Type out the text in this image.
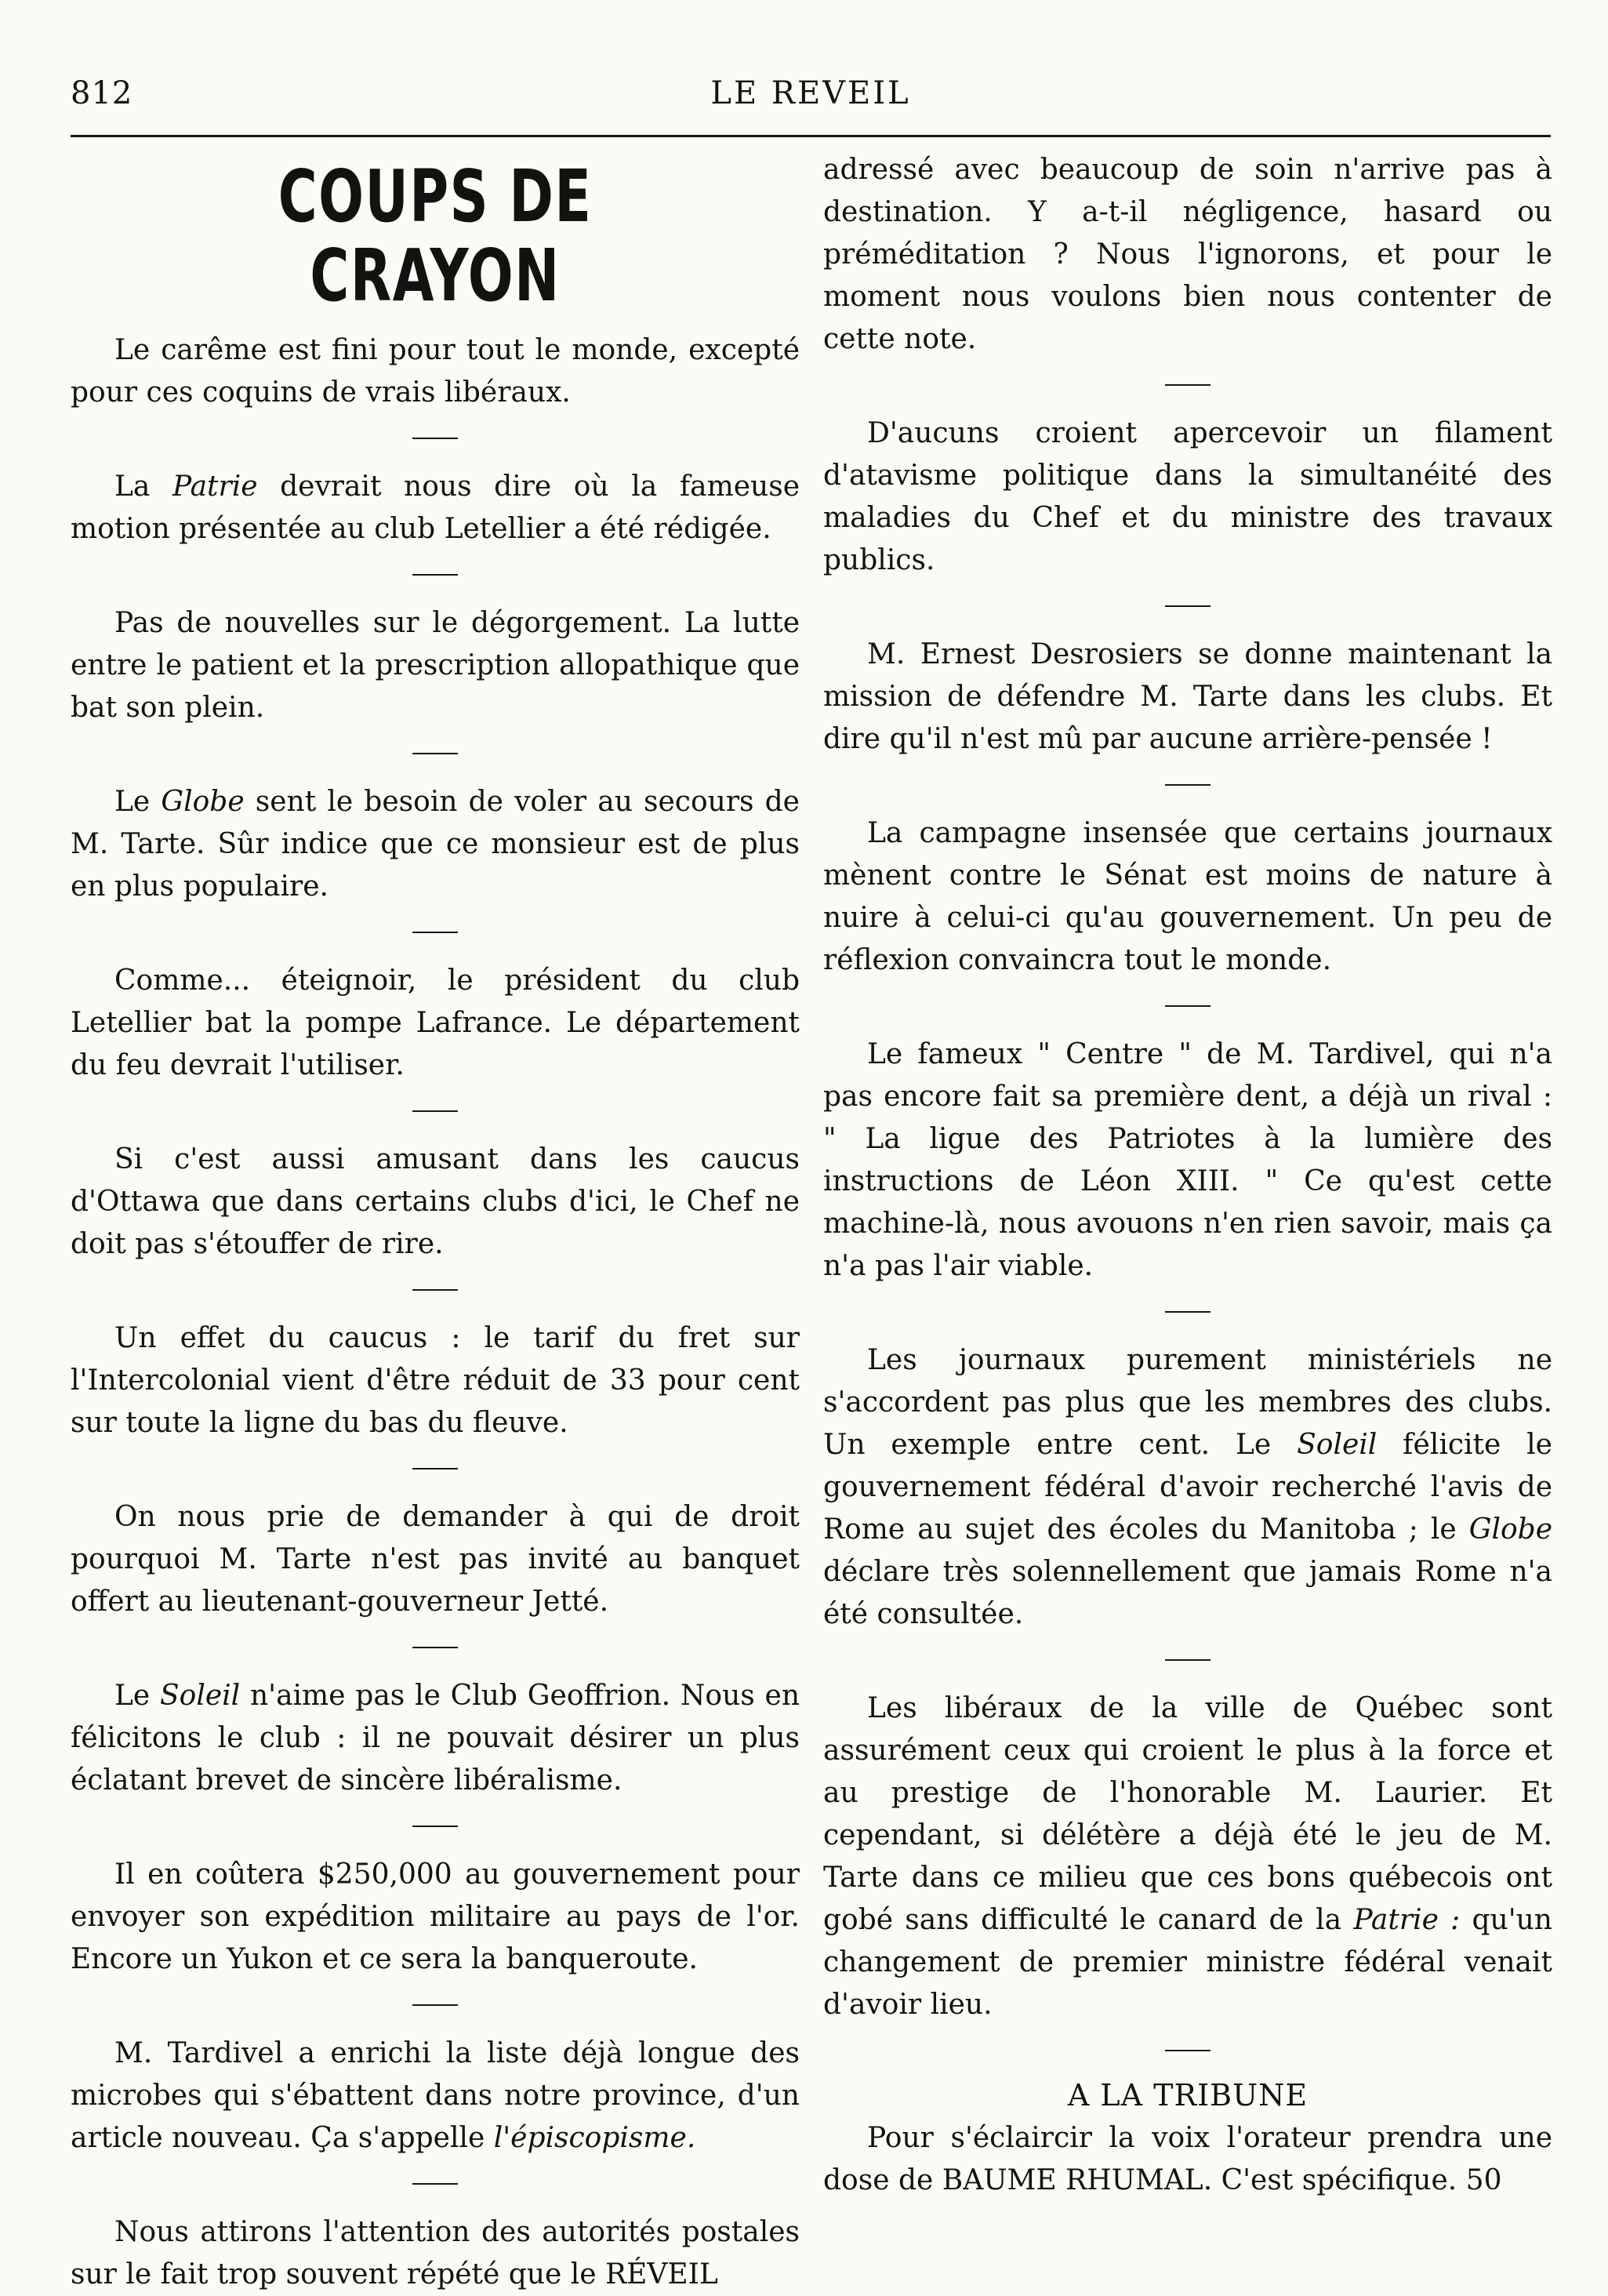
812	LE REVEIL
COUPS DE CRAYON

Le carême est fini pour tout le monde, excepté pour ces coquins de vrais libéraux.

La Patrie devrait nous dire où la fameuse motion présentée au club Letellier a été rédigée.

Pas de nouvelles sur le dégorgement. La lutte entre le patient et la prescription allopathique que bat son plein.

Le Globe sent le besoin de voler au secours de M. Tarte. Sûr indice que ce monsieur est de plus en plus populaire.

Comme... éteignoir, le président du club Letellier bat la pompe Lafrance. Le département du feu devrait l'utiliser.

Si c'est aussi amusant dans les caucus d'Ottawa que dans certains clubs d'ici, le Chef ne doit pas s'étouffer de rire.

Un effet du caucus : le tarif du fret sur l'Intercolonial vient d'être réduit de 33 pour cent sur toute la ligne du bas du fleuve.

On nous prie de demander à qui de droit pourquoi M. Tarte n'est pas invité au banquet offert au lieutenant-gouverneur Jetté.

Le Soleil n'aime pas le Club Geoffrion. Nous en félicitons le club : il ne pouvait désirer un plus éclatant brevet de sincère libéralisme.

Il en coûtera $250,000 au gouvernement pour envoyer son expédition militaire au pays de l'or. Encore un Yukon et ce sera la banqueroute.

M. Tardivel a enrichi la liste déjà longue des microbes qui s'ébattent dans notre province, d'un article nouveau. Ça s'appelle l'épiscopisme.

Nous attirons l'attention des autorités postales sur le fait trop souvent répété que le RÉVEIL

adressé avec beaucoup de soin n'arrive pas à destination. Y a-t-il négligence, hasard ou préméditation ? Nous l'ignorons, et pour le moment nous voulons bien nous contenter de cette note.

D'aucuns croient apercevoir un filament d'atavisme politique dans la simultanéité des maladies du Chef et du ministre des travaux publics.

M. Ernest Desrosiers se donne maintenant la mission de défendre M. Tarte dans les clubs. Et dire qu'il n'est mû par aucune arrière-pensée !

La campagne insensée que certains journaux mènent contre le Sénat est moins de nature à nuire à celui-ci qu'au gouvernement. Un peu de réflexion convaincra tout le monde.

Le fameux " Centre " de M. Tardivel, qui n'a pas encore fait sa première dent, a déjà un rival : " La ligue des Patriotes à la lumière des instructions de Léon XIII. " Ce qu'est cette machine-là, nous avouons n'en rien savoir, mais ça n'a pas l'air viable.

Les journaux purement ministériels ne s'accordent pas plus que les membres des clubs. Un exemple entre cent. Le Soleil félicite le gouvernement fédéral d'avoir recherché l'avis de Rome au sujet des écoles du Manitoba ; le Globe déclare très solennellement que jamais Rome n'a été consultée.

Les libéraux de la ville de Québec sont assurément ceux qui croient le plus à la force et au prestige de l'honorable M. Laurier. Et cependant, si délétère a déjà été le jeu de M. Tarte dans ce milieu que ces bons québecois ont gobé sans difficulté le canard de la Patrie : qu'un changement de premier ministre fédéral venait d'avoir lieu.

A LA TRIBUNE

Pour s'éclaircir la voix l'orateur prendra une dose de BAUME RHUMAL. C'est spécifique. 50
